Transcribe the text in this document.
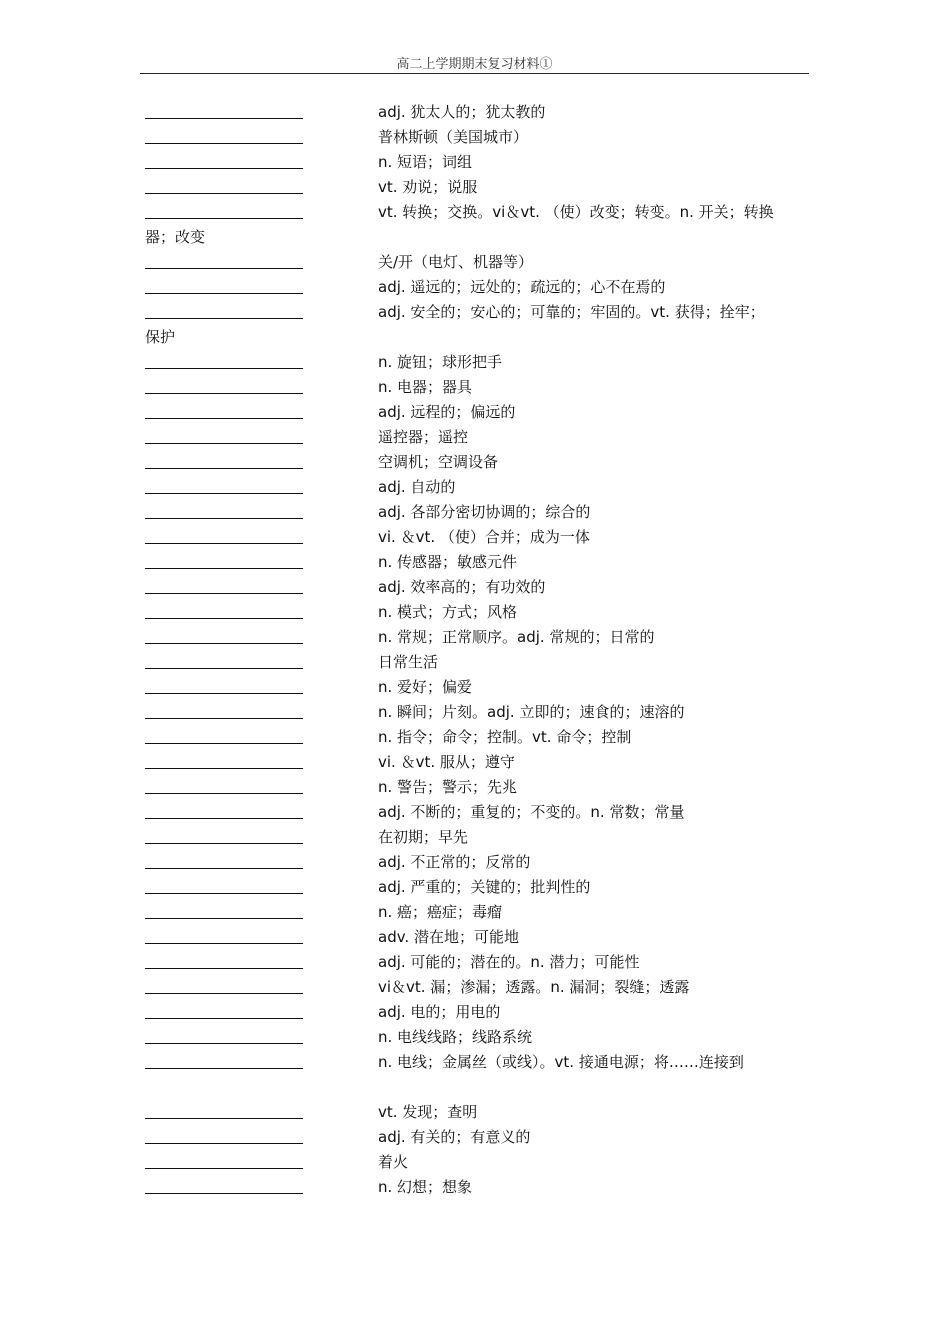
高二上学期期末复习材料①
adj. 犹太人的；犹太教的
普林斯顿（美国城市）
n. 短语；词组
vt. 劝说；说服
vt. 转换；交换。vi＆vt. （使）改变；转变。n. 开关；转换
器；改变
关/开（电灯、机器等）
adj. 遥远的；远处的；疏远的；心不在焉的
adj. 安全的；安心的；可靠的；牢固的。vt. 获得；拴牢；
保护
n. 旋钮；球形把手
n. 电器；器具
adj. 远程的；偏远的
遥控器；遥控
空调机；空调设备
adj. 自动的
adj. 各部分密切协调的；综合的
vi. ＆vt. （使）合并；成为一体
n. 传感器；敏感元件
adj. 效率高的；有功效的
n. 模式；方式；风格
n. 常规；正常顺序。adj. 常规的；日常的
日常生活
n. 爱好；偏爱
n. 瞬间；片刻。adj. 立即的；速食的；速溶的
n. 指令；命令；控制。vt. 命令；控制
vi. ＆vt. 服从；遵守
n. 警告；警示；先兆
adj. 不断的；重复的；不变的。n. 常数；常量
在初期；早先
adj. 不正常的；反常的
adj. 严重的；关键的；批判性的
n. 癌；癌症；毒瘤
adv. 潜在地；可能地
adj. 可能的；潜在的。n. 潜力；可能性
vi＆vt. 漏；渗漏；透露。n. 漏洞；裂缝；透露
adj. 电的；用电的
n. 电线线路；线路系统
n. 电线；金属丝（或线）。vt. 接通电源；将……连接到
vt. 发现；查明
adj. 有关的；有意义的
着火
n. 幻想；想象
